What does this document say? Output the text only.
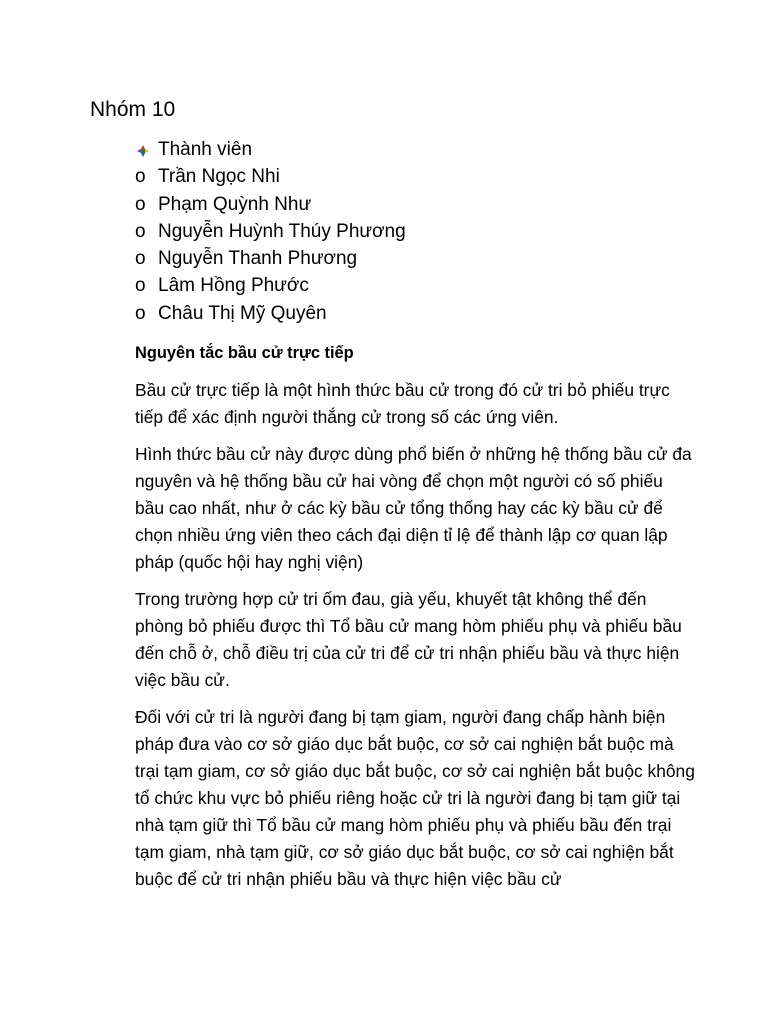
Nhóm 10
Thành viên
o Trần Ngọc Nhi
o Phạm Quỳnh Như
o Nguyễn Huỳnh Thúy Phương
o Nguyễn Thanh Phương
o Lâm Hồng Phước
o Châu Thị Mỹ Quyên

Nguyên tắc bầu cử trực tiếp

Bầu cử trực tiếp là một hình thức bầu cử trong đó cử tri bỏ phiếu trực tiếp để xác định người thắng cử trong số các ứng viên.

Hình thức bầu cử này được dùng phổ biến ở những hệ thống bầu cử đa nguyên và hệ thống bầu cử hai vòng để chọn một người có số phiếu bầu cao nhất, như ở các kỳ bầu cử tổng thống hay các kỳ bầu cử để chọn nhiều ứng viên theo cách đại diện tỉ lệ để thành lập cơ quan lập pháp (quốc hội hay nghị viện)

Trong trường hợp cử tri ốm đau, già yếu, khuyết tật không thể đến phòng bỏ phiếu được thì Tổ bầu cử mang hòm phiếu phụ và phiếu bầu đến chỗ ở, chỗ điều trị của cử tri để cử tri nhận phiếu bầu và thực hiện việc bầu cử.

Đối với cử tri là người đang bị tạm giam, người đang chấp hành biện pháp đưa vào cơ sở giáo dục bắt buộc, cơ sở cai nghiện bắt buộc mà trại tạm giam, cơ sở giáo dục bắt buộc, cơ sở cai nghiện bắt buộc không tổ chức khu vực bỏ phiếu riêng hoặc cử tri là người đang bị tạm giữ tại nhà tạm giữ thì Tổ bầu cử mang hòm phiếu phụ và phiếu bầu đến trại tạm giam, nhà tạm giữ, cơ sở giáo dục bắt buộc, cơ sở cai nghiện bắt buộc để cử tri nhận phiếu bầu và thực hiện việc bầu cử
